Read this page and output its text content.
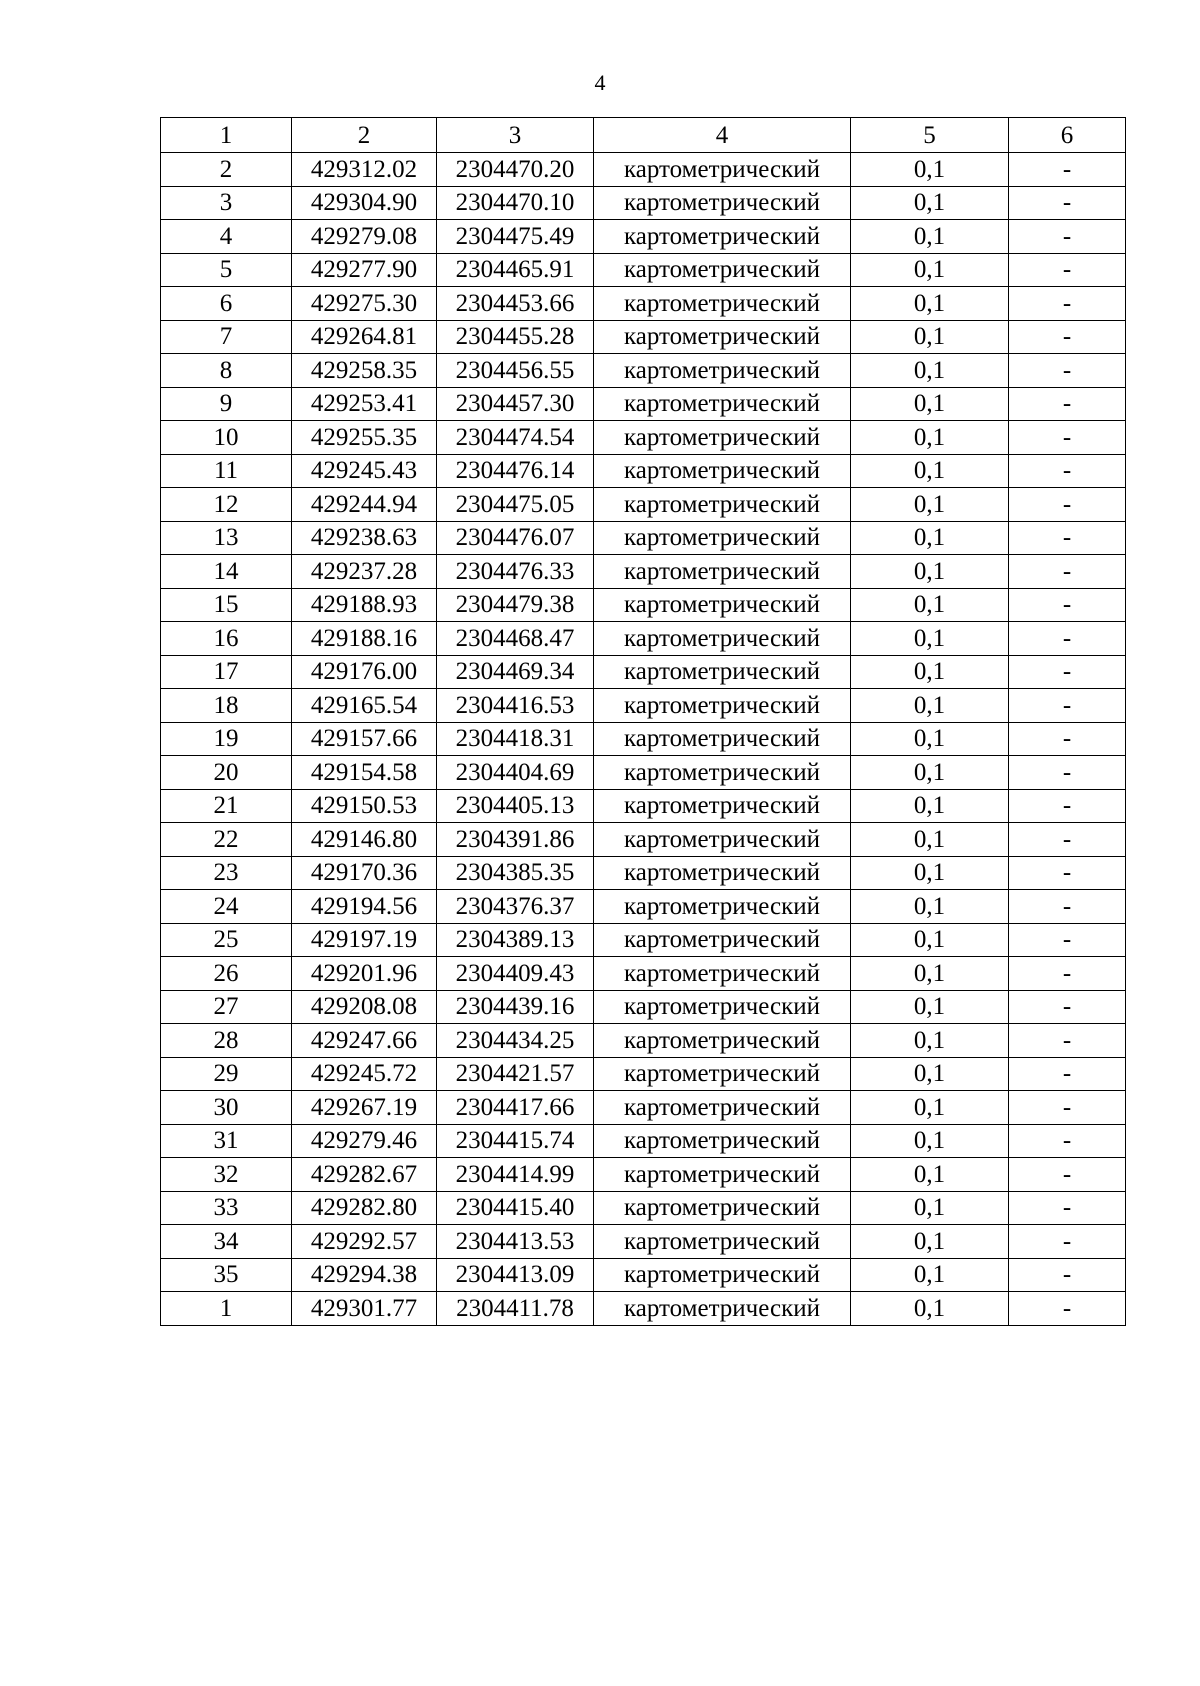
4
1	2	3	4	5	6
2	429312.02	2304470.20	картометрический	0,1	-
3	429304.90	2304470.10	картометрический	0,1	-
4	429279.08	2304475.49	картометрический	0,1	-
5	429277.90	2304465.91	картометрический	0,1	-
6	429275.30	2304453.66	картометрический	0,1	-
7	429264.81	2304455.28	картометрический	0,1	-
8	429258.35	2304456.55	картометрический	0,1	-
9	429253.41	2304457.30	картометрический	0,1	-
10	429255.35	2304474.54	картометрический	0,1	-
11	429245.43	2304476.14	картометрический	0,1	-
12	429244.94	2304475.05	картометрический	0,1	-
13	429238.63	2304476.07	картометрический	0,1	-
14	429237.28	2304476.33	картометрический	0,1	-
15	429188.93	2304479.38	картометрический	0,1	-
16	429188.16	2304468.47	картометрический	0,1	-
17	429176.00	2304469.34	картометрический	0,1	-
18	429165.54	2304416.53	картометрический	0,1	-
19	429157.66	2304418.31	картометрический	0,1	-
20	429154.58	2304404.69	картометрический	0,1	-
21	429150.53	2304405.13	картометрический	0,1	-
22	429146.80	2304391.86	картометрический	0,1	-
23	429170.36	2304385.35	картометрический	0,1	-
24	429194.56	2304376.37	картометрический	0,1	-
25	429197.19	2304389.13	картометрический	0,1	-
26	429201.96	2304409.43	картометрический	0,1	-
27	429208.08	2304439.16	картометрический	0,1	-
28	429247.66	2304434.25	картометрический	0,1	-
29	429245.72	2304421.57	картометрический	0,1	-
30	429267.19	2304417.66	картометрический	0,1	-
31	429279.46	2304415.74	картометрический	0,1	-
32	429282.67	2304414.99	картометрический	0,1	-
33	429282.80	2304415.40	картометрический	0,1	-
34	429292.57	2304413.53	картометрический	0,1	-
35	429294.38	2304413.09	картометрический	0,1	-
1	429301.77	2304411.78	картометрический	0,1	-
